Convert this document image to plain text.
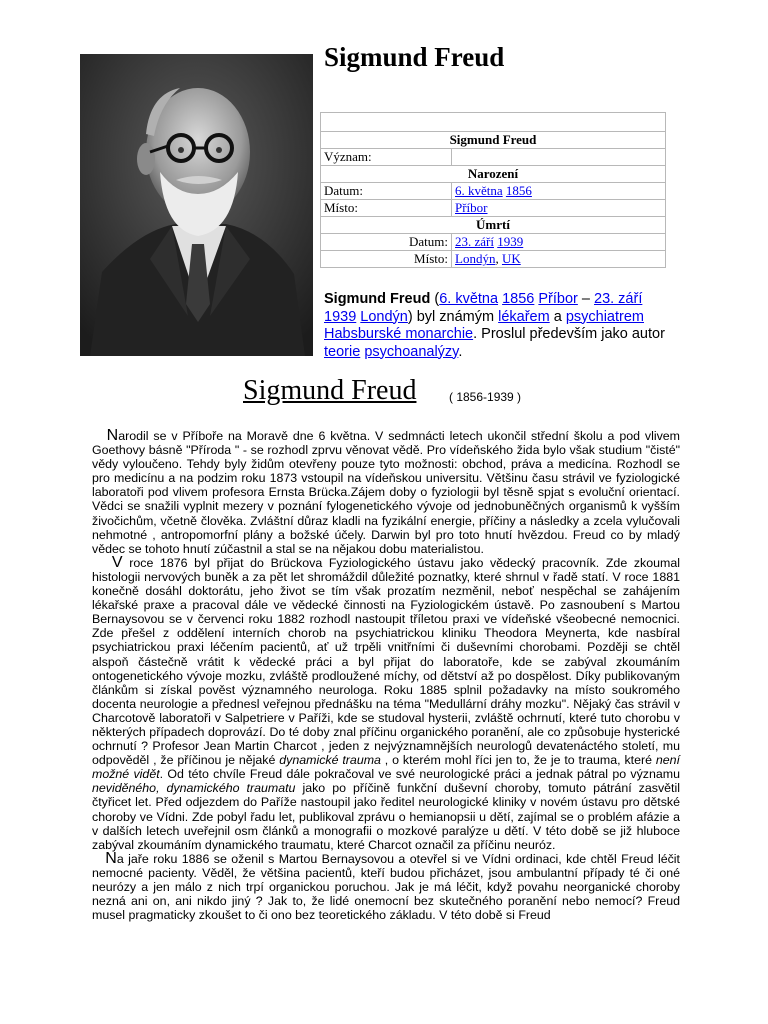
Sigmund Freud

Sigmund Freud	
Význam:	
Narození	
Datum:	6. května 1856
Místo:	Příbor
Úmrtí	
Datum:	23. září 1939
Místo:	Londýn, UK

Sigmund Freud (6. května 1856 Příbor – 23. září 1939 Londýn) byl známým lékařem a psychiatrem Habsburské monarchie. Proslul především jako autor teorie psychoanalýzy.

Sigmund Freud	( 1856-1939 )

Narodil se v Příboře na Moravě dne 6 května. V sedmnácti letech ukončil střední školu a pod vlivem Goethovy básně "Příroda " - se rozhodl zprvu věnovat vědě. Pro vídeňského žida bylo však studium "čisté" vědy vyloučeno. Tehdy byly židům otevřeny pouze tyto možnosti: obchod, práva a medicína. Rozhodl se pro medicínu a na podzim roku 1873 vstoupil na vídeňskou universitu. Většinu času strávil ve fyziologické laboratoři pod vlivem profesora Ernsta Brücka.Zájem doby o fyziologii byl těsně spjat s evoluční orientací. Vědci se snažili vyplnit mezery v poznání fylogenetického vývoje od jednobuněčných organismů k vyšším živočichům, včetně člověka. Zvláštní důraz kladli na fyzikální energie, příčiny a následky a zcela vylučovali nehmotné , antropomorfní plány a božské účely. Darwin byl pro toto hnutí hvězdou. Freud co by mladý vědec se tohoto hnutí zúčastnil a stal se na nějakou dobu materialistou.

V roce 1876 byl přijat do Brückova Fyziologického ústavu jako vědecký pracovník. Zde zkoumal histologii nervových buněk a za pět let shromáždil důležité poznatky, které shrnul v řadě statí. V roce 1881 konečně dosáhl doktorátu, jeho život se tím však prozatím nezměnil, neboť nespěchal se zahájením lékařské praxe a pracoval dále ve vědecké činnosti na Fyziologickém ústavě. Po zasnoubení s Martou Bernaysovou se v červenci roku 1882 rozhodl nastoupit tříletou praxi ve vídeňské všeobecné nemocnici. Zde přešel z oddělení interních chorob na psychiatrickou kliniku Theodora Meynerta, kde nasbíral psychiatrickou praxi léčením pacientů, ať už trpěli vnitřními či duševními chorobami. Později se chtěl alspoň částečně vrátit k vědecké práci a byl přijat do laboratoře, kde se zabýval zkoumáním ontogenetického vývoje mozku, zvláště prodloužené míchy, od dětství až po dospělost. Díky publikovaným článkům si získal pověst významného neurologa. Roku 1885 splnil požadavky na místo soukromého docenta neurologie a přednesl veřejnou přednášku na téma "Medullární dráhy mozku". Nějaký čas strávil v Charcotově laboratoři v Salpetriere v Paříži, kde se studoval hysterii, zvláště ochrnutí, které tuto chorobu v některých případech doprovází. Do té doby znal příčinu organického poranění, ale co způsobuje hysterické ochrnutí ? Profesor Jean Martin Charcot , jeden z nejvýznamnějších neurologů devatenáctého století, mu odpověděl , že příčinou je nějaké dynamické trauma , o kterém mohl říci jen to, že je to trauma, které není možné vidět. Od této chvíle Freud dále pokračoval ve své neurologické práci a jednak pátral po významu neviděného, dynamického traumatu jako po příčině funkční duševní choroby, tomuto pátrání zasvětil čtyřicet let. Před odjezdem do Paříže nastoupil jako ředitel neurologické kliniky v novém ústavu pro dětské choroby ve Vídni. Zde pobyl řadu let, publikoval zprávu o hemianopsii u dětí, zajímal se o problém afázie a v dalších letech uveřejnil osm článků a monografii o mozkové paralýze u dětí. V této době se již hluboce zabýval zkoumáním dynamického traumatu, které Charcot označil za příčinu neuróz.

Na jaře roku 1886 se oženil s Martou Bernaysovou a otevřel si ve Vídni ordinaci, kde chtěl Freud léčit nemocné pacienty. Věděl, že většina pacientů, kteří budou přicházet, jsou ambulantní případy té či oné neurózy a jen málo z nich trpí organickou poruchou. Jak je má léčit, když povahu neorganické choroby nezná ani on, ani nikdo jiný ? Jak to, že lidé onemocní bez skutečného poranění nebo nemocí? Freud musel pragmaticky zkoušet to či ono bez teoretického základu. V této době si Freud
